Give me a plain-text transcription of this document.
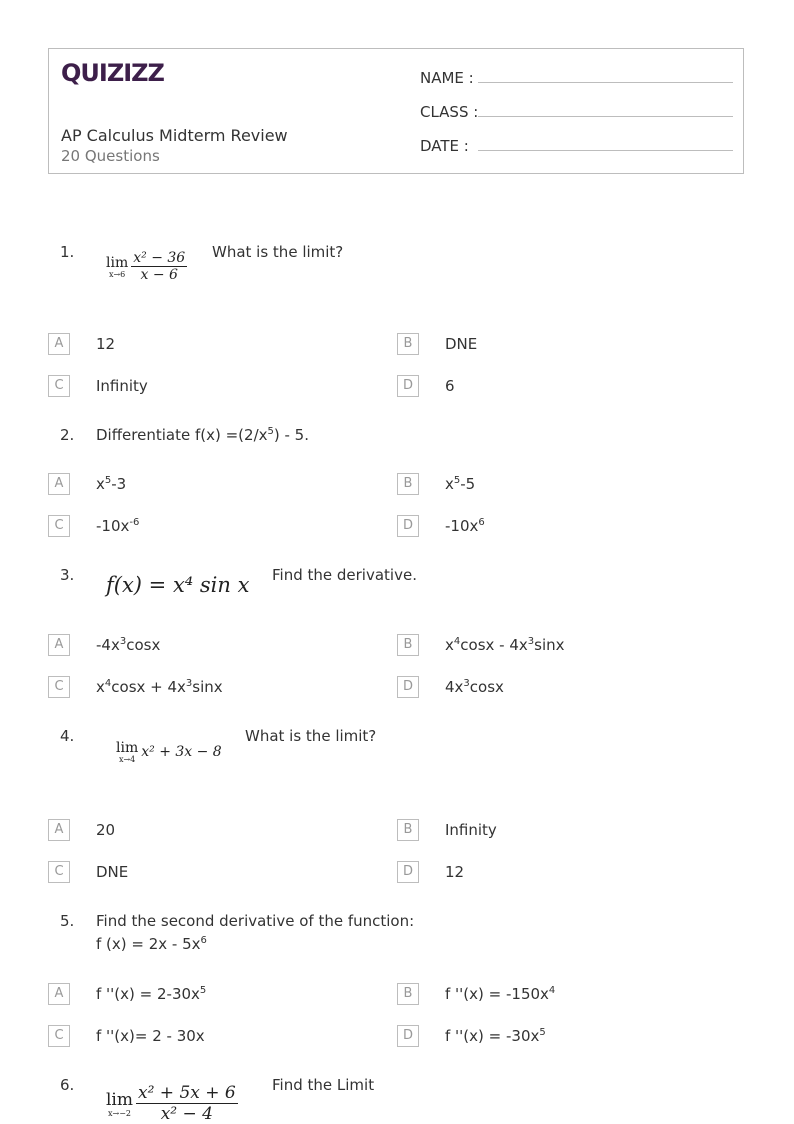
QUIZIZZ
AP Calculus Midterm Review
20 Questions
NAME :
CLASS :
DATE :
1.
lim
$x\to 6 \frac{\text{x² − 36}}{x - 6}$ What is the limit?
A	12	B	DNE
C	Infinity	D	6
2. Differentiate $f(x) =(2/x^5) - 5$.
A	$x^5-3$	B	$x^5-5$
C	$-10x^{-6}$	D	$-10x^6$
3. f(x) = x⁴ sin x Find the derivative.
A	$-4x^3\cos x$	B	$x^4\cos x - 4x^3\sin x$
C	$x^4\cos x + 4x^3\sin x$	D	$4x^3\cos x$
4.
lim
x→4 x² + 3x − 8
What is the limit?
A	20	B	Infinity
C	DNE	D	12
5. Find the second derivative of the function:
f $(x) = 2x - 5x^6$
A	f ''$(x) = 2-30x^5$	B	f ''$(x) = -150x^4$
C	f ''(x)= 2 - 30x	D	f ''$(x) = -30x^5$
6.
lim
$x\to-2 \frac{\text{x² + 5x + 6}}{\text{x² − 4}}$ Find the Limit
